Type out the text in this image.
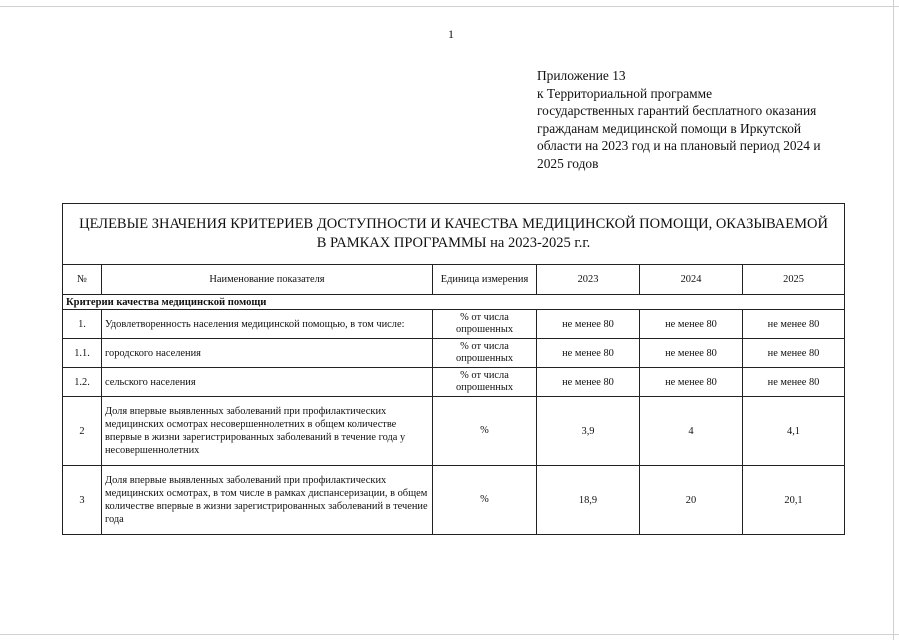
1
Приложение 13
к Территориальной программе
государственных гарантий бесплатного оказания
гражданам медицинской помощи в Иркутской
области на 2023 год и на плановый период 2024 и
2025 годов
ЦЕЛЕВЫЕ ЗНАЧЕНИЯ КРИТЕРИЕВ ДОСТУПНОСТИ И КАЧЕСТВА МЕДИЦИНСКОЙ ПОМОЩИ, ОКАЗЫВАЕМОЙ В РАМКАХ ПРОГРАММЫ на 2023-2025 г.г.					
№	Наименование показателя	Единица измерения	2023	2024	2025
Критерии качества медицинской помощи					
1.	Удовлетворенность населения медицинской помощью, в том числе:	% от числа опрошенных	не менее 80	не менее 80	не менее 80
1.1.	городского населения	% от числа опрошенных	не менее 80	не менее 80	не менее 80
1.2.	сельского населения	% от числа опрошенных	не менее 80	не менее 80	не менее 80
2	Доля впервые выявленных заболеваний при профилактических медицинских осмотрах несовершеннолетних в общем количестве впервые в жизни зарегистрированных заболеваний в течение года у несовершеннолетних	%	3,9	4	4,1
3	Доля впервые выявленных заболеваний при профилактических медицинских осмотрах, в том числе в рамках диспансеризации, в общем количестве впервые в жизни зарегистрированных заболеваний в течение года	%	18,9	20	20,1
